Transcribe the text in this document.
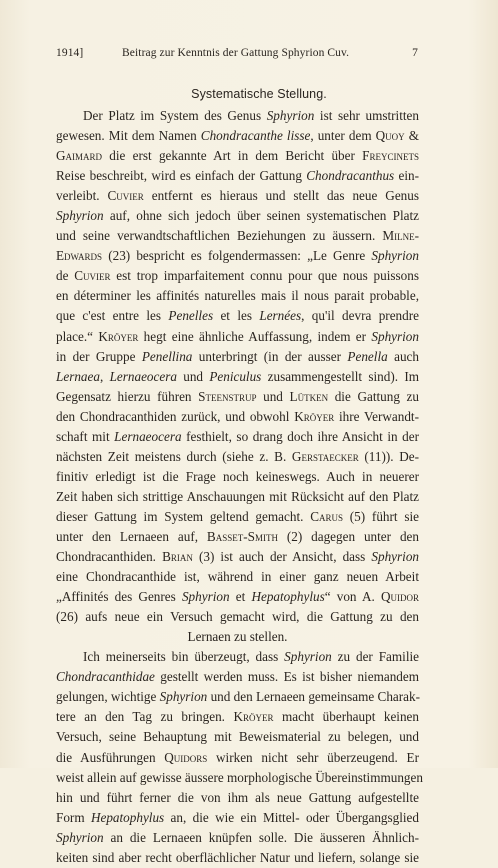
1914]	Beitrag zur Kenntnis der Gattung Sphyrion Cuv.	7
Systematische Stellung.
Der Platz im System des Genus Sphyrion ist sehr umstritten
gewesen. Mit dem Namen Chondracanthe lisse, unter dem Quoy &
Gaimard die erst gekannte Art in dem Bericht über Freycinets
Reise beschreibt, wird es einfach der Gattung Chondracanthus ein-
verleibt. Cuvier entfernt es hieraus und stellt das neue Genus
Sphyrion auf, ohne sich jedoch über seinen systematischen Platz
und seine verwandtschaftlichen Beziehungen zu äussern. Milne-
Edwards (23) bespricht es folgendermassen: „Le Genre Sphyrion
de Cuvier est trop imparfaitement connu pour que nous puissons
en déterminer les affinités naturelles mais il nous parait probable,
que c'est entre les Penelles et les Lernées, qu'il devra prendre
place.“ Kröyer hegt eine ähnliche Auffassung, indem er Sphyrion
in der Gruppe Penellina unterbringt (in der ausser Penella auch
Lernaea, Lernaeocera und Peniculus zusammengestellt sind). Im
Gegensatz hierzu führen Steenstrup und Lütken die Gattung zu
den Chondracanthiden zurück, und obwohl Kröyer ihre Verwandt-
schaft mit Lernaeocera festhielt, so drang doch ihre Ansicht in der
nächsten Zeit meistens durch (siehe z. B. Gerstaecker (11)). De-
finitiv erledigt ist die Frage noch keineswegs. Auch in neuerer
Zeit haben sich strittige Anschauungen mit Rücksicht auf den Platz
dieser Gattung im System geltend gemacht. Carus (5) führt sie
unter den Lernaeen auf, Basset-Smith (2) dagegen unter den
Chondracanthiden. Brian (3) ist auch der Ansicht, dass Sphyrion
eine Chondracanthide ist, während in einer ganz neuen Arbeit
„Affinités des Genres Sphyrion et Hepatophylus“ von A. Quidor
(26) aufs neue ein Versuch gemacht wird, die Gattung zu den
Lernaen zu stellen.
Ich meinerseits bin überzeugt, dass Sphyrion zu der Familie
Chondracanthidae gestellt werden muss. Es ist bisher niemandem
gelungen, wichtige Sphyrion und den Lernaeen gemeinsame Charak-
tere an den Tag zu bringen. Kröyer macht überhaupt keinen
Versuch, seine Behauptung mit Beweismaterial zu belegen, und
die Ausführungen Quidors wirken nicht sehr überzeugend. Er
weist allein auf gewisse äussere morphologische Übereinstimmungen
hin und führt ferner die von ihm als neue Gattung aufgestellte
Form Hepatophylus an, die wie ein Mittel- oder Übergangsglied
Sphyrion an die Lernaeen knüpfen solle. Die äusseren Ähnlich-
keiten sind aber recht oberflächlicher Natur und liefern, solange sie
